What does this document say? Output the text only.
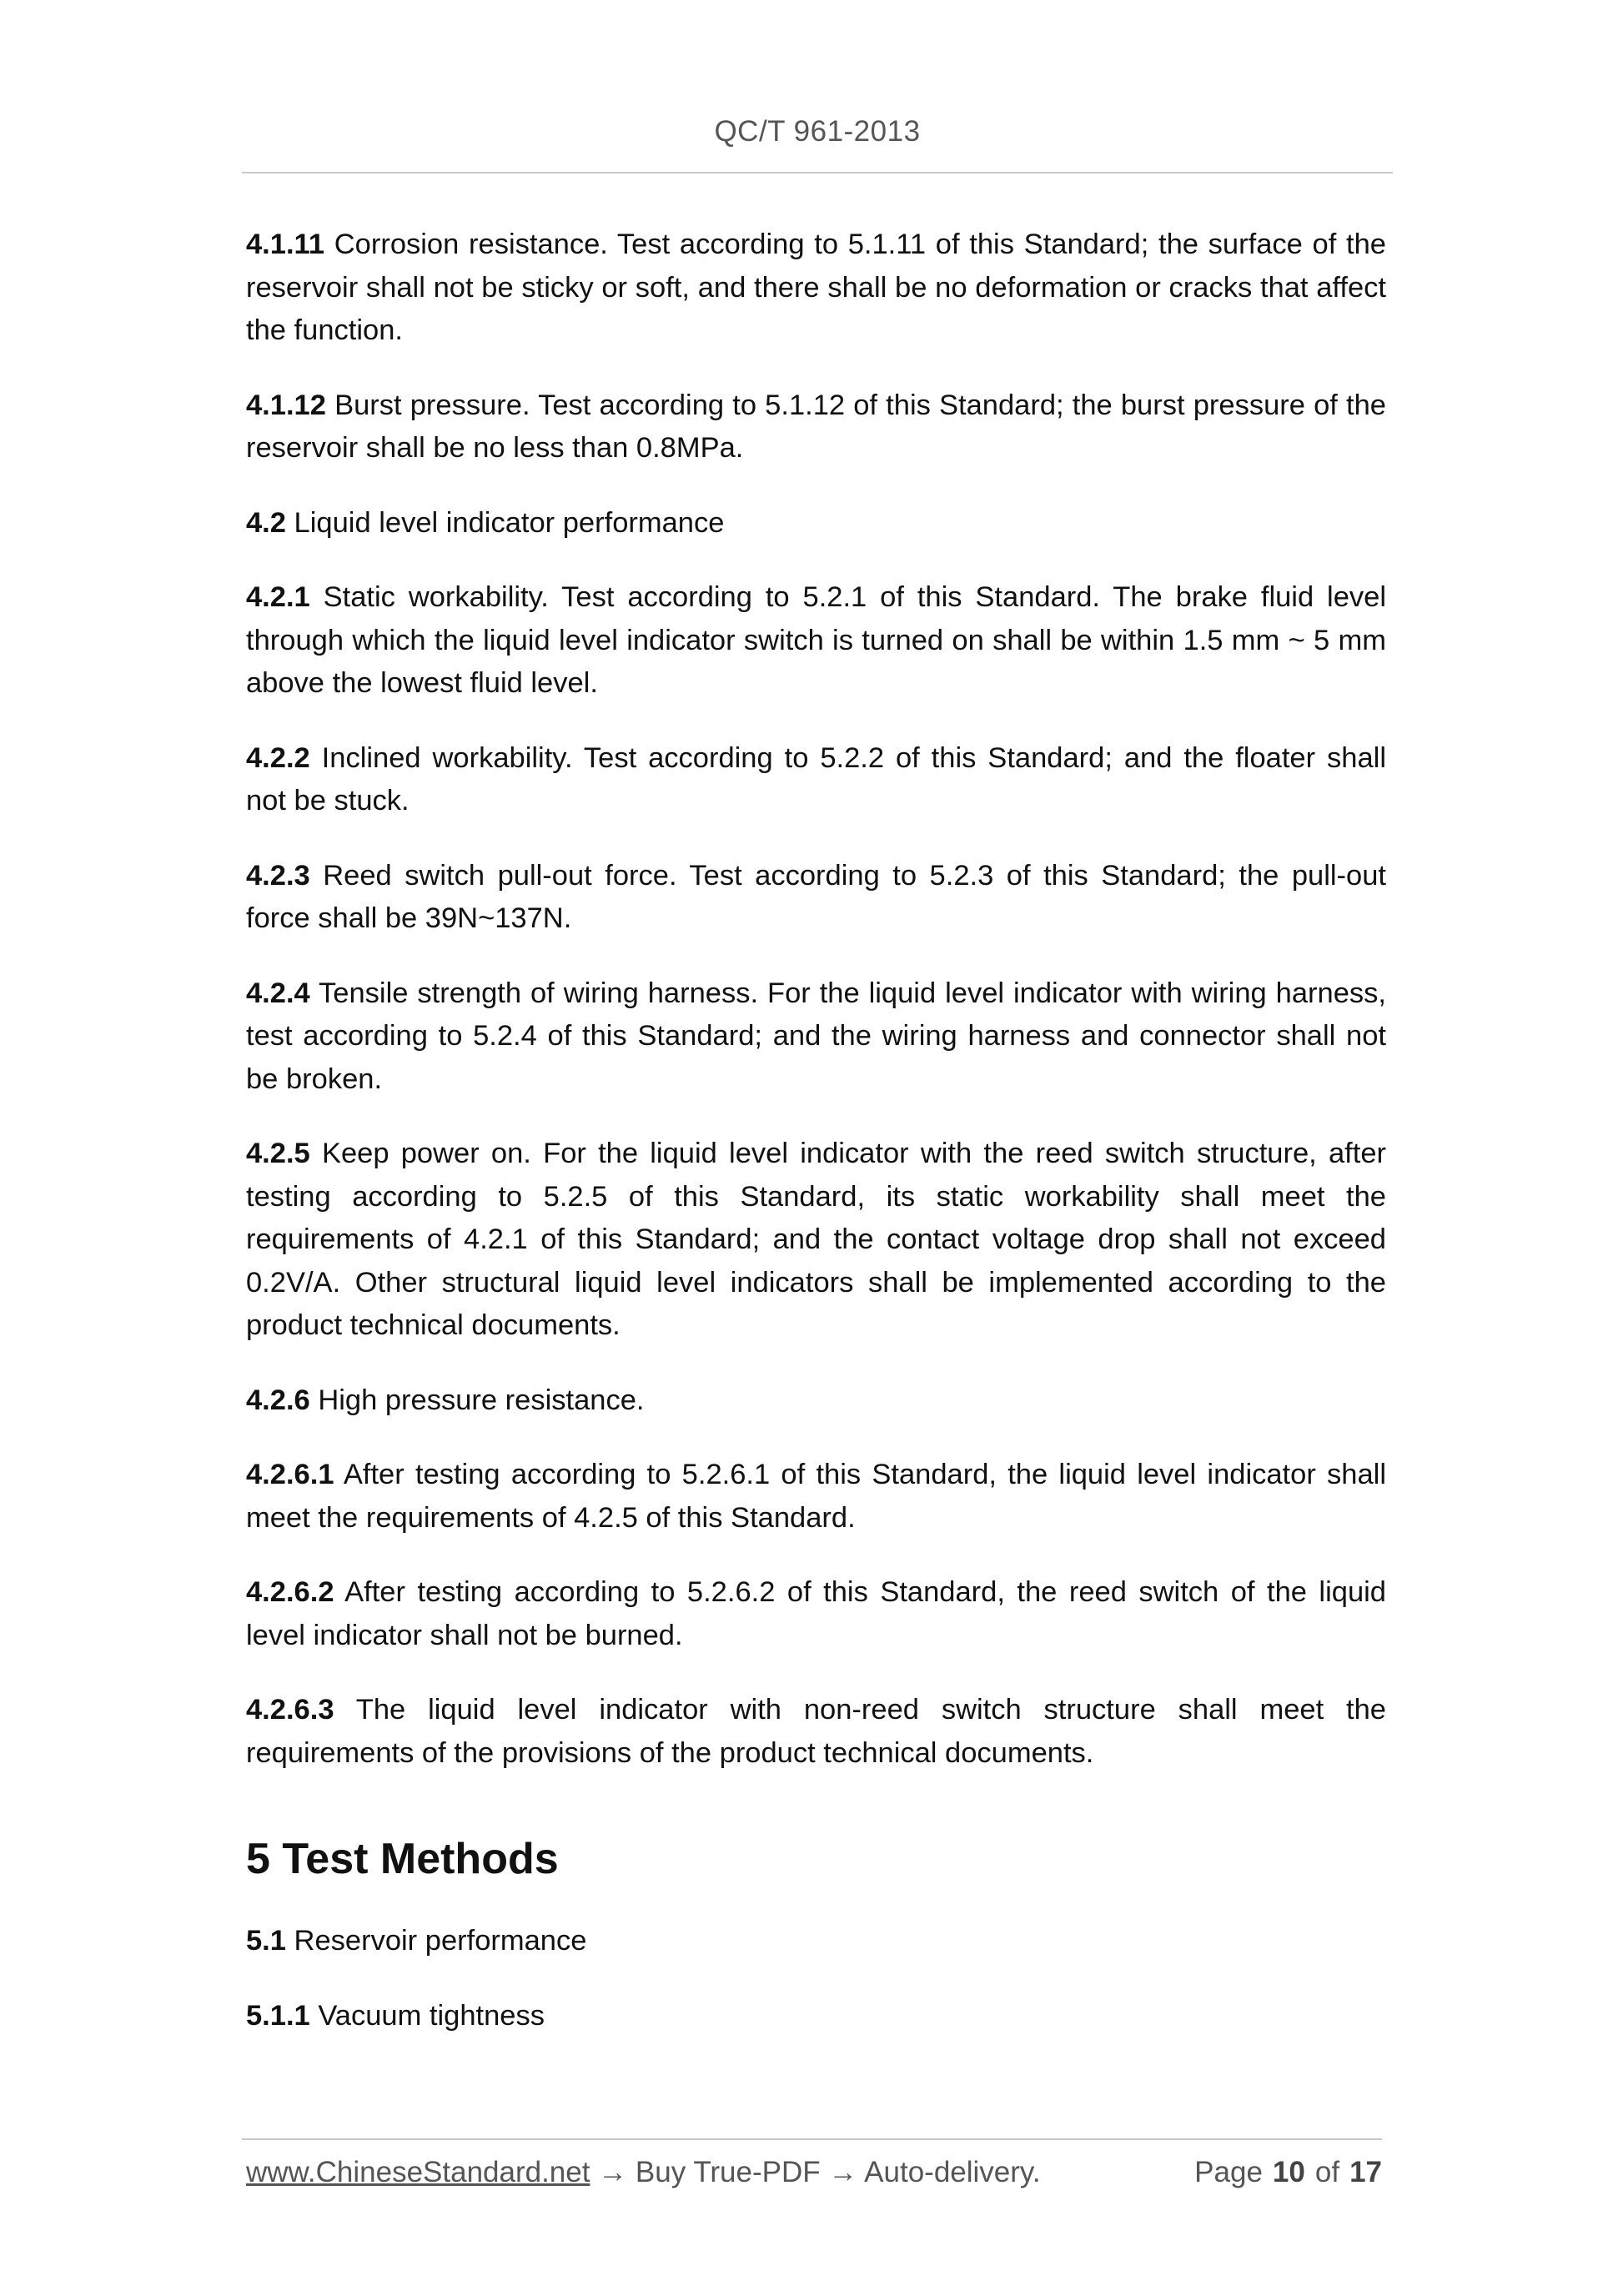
QC/T 961-2013

4.1.11 Corrosion resistance. Test according to 5.1.11 of this Standard; the surface of the reservoir shall not be sticky or soft, and there shall be no deformation or cracks that affect the function.

4.1.12 Burst pressure. Test according to 5.1.12 of this Standard; the burst pressure of the reservoir shall be no less than 0.8MPa.

4.2 Liquid level indicator performance

4.2.1 Static workability. Test according to 5.2.1 of this Standard. The brake fluid level through which the liquid level indicator switch is turned on shall be within 1.5 mm ~ 5 mm above the lowest fluid level.

4.2.2 Inclined workability. Test according to 5.2.2 of this Standard; and the floater shall not be stuck.

4.2.3 Reed switch pull-out force. Test according to 5.2.3 of this Standard; the pull-out force shall be 39N~137N.

4.2.4 Tensile strength of wiring harness. For the liquid level indicator with wiring harness, test according to 5.2.4 of this Standard; and the wiring harness and connector shall not be broken.

4.2.5 Keep power on. For the liquid level indicator with the reed switch structure, after testing according to 5.2.5 of this Standard, its static workability shall meet the requirements of 4.2.1 of this Standard; and the contact voltage drop shall not exceed 0.2V/A. Other structural liquid level indicators shall be implemented according to the product technical documents.

4.2.6 High pressure resistance.

4.2.6.1 After testing according to 5.2.6.1 of this Standard, the liquid level indicator shall meet the requirements of 4.2.5 of this Standard.

4.2.6.2 After testing according to 5.2.6.2 of this Standard, the reed switch of the liquid level indicator shall not be burned.

4.2.6.3 The liquid level indicator with non-reed switch structure shall meet the requirements of the provisions of the product technical documents.

5 Test Methods

5.1 Reservoir performance

5.1.1 Vacuum tightness

www.ChineseStandard.net → Buy True-PDF → Auto-delivery.	Page 10 of 17
